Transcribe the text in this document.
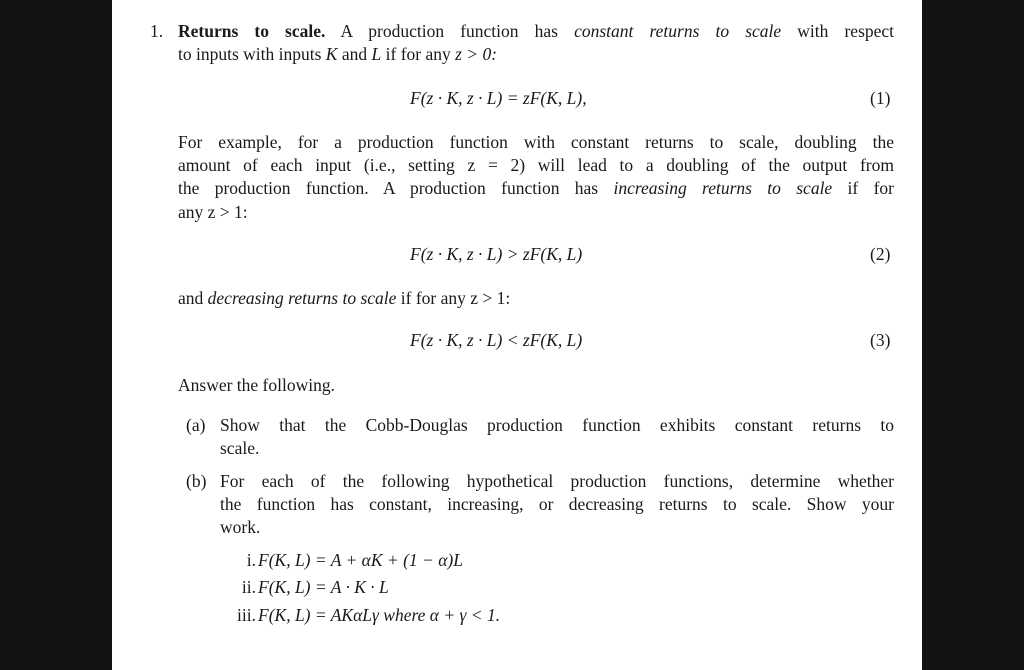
1. Returns to scale. A production function has constant returns to scale with respect
to inputs with inputs K and L if for any z > 0:
F(z · K, z · L) = zF(K, L),	(1)
For example, for a production function with constant returns to scale, doubling the
amount of each input (i.e., setting z = 2) will lead to a doubling of the output from
the production function. A production function has increasing returns to scale if for
any z > 1:
F(z · K, z · L) > zF(K, L)	(2)
and decreasing returns to scale if for any z > 1:
F(z · K, z · L) < zF(K, L)	(3)
Answer the following.
(a) Show that the Cobb-Douglas production function exhibits constant returns to
scale.
(b) For each of the following hypothetical production functions, determine whether
the function has constant, increasing, or decreasing returns to scale. Show your
work.
i. F(K, L) = A + αK + (1 − α)L
ii. F(K, L) = A · K · L
iii. F(K, L) = AKαLγ where α + γ < 1.
